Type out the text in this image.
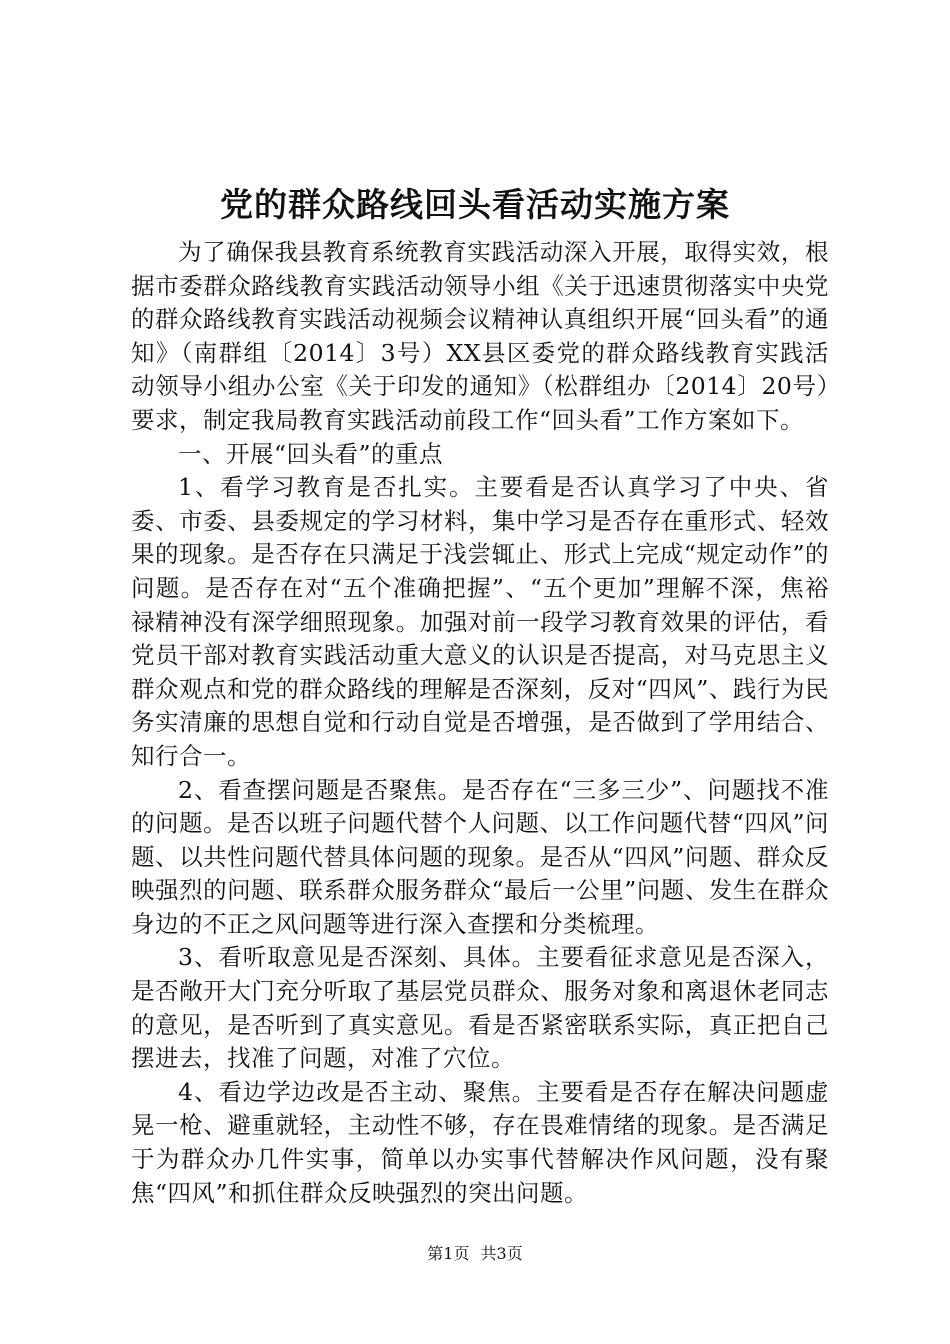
党的群众路线回头看活动实施方案

为了确保我县教育系统教育实践活动深入开展，取得实效，根据市委群众路线教育实践活动领导小组《关于迅速贯彻落实中央党的群众路线教育实践活动视频会议精神认真组织开展“回头看”的通知》（南群组〔2014〕3号）XX县区委党的群众路线教育实践活动领导小组办公室《关于印发的通知》（松群组办〔2014〕20号）要求，制定我局教育实践活动前段工作“回头看”工作方案如下。

一、开展“回头看”的重点

1、看学习教育是否扎实。主要看是否认真学习了中央、省委、市委、县委规定的学习材料，集中学习是否存在重形式、轻效果的现象。是否存在只满足于浅尝辄止、形式上完成“规定动作”的问题。是否存在对“五个准确把握”、“五个更加”理解不深，焦裕禄精神没有深学细照现象。加强对前一段学习教育效果的评估，看党员干部对教育实践活动重大意义的认识是否提高，对马克思主义群众观点和党的群众路线的理解是否深刻，反对“四风”、践行为民务实清廉的思想自觉和行动自觉是否增强，是否做到了学用结合、知行合一。

2、看查摆问题是否聚焦。是否存在“三多三少”、问题找不准的问题。是否以班子问题代替个人问题、以工作问题代替“四风”问题、以共性问题代替具体问题的现象。是否从“四风”问题、群众反映强烈的问题、联系群众服务群众“最后一公里”问题、发生在群众身边的不正之风问题等进行深入查摆和分类梳理。

3、看听取意见是否深刻、具体。主要看征求意见是否深入，是否敞开大门充分听取了基层党员群众、服务对象和离退休老同志的意见，是否听到了真实意见。看是否紧密联系实际，真正把自己摆进去，找准了问题，对准了穴位。

4、看边学边改是否主动、聚焦。主要看是否存在解决问题虚晃一枪、避重就轻，主动性不够，存在畏难情绪的现象。是否满足于为群众办几件实事，简单以办实事代替解决作风问题，没有聚焦“四风”和抓住群众反映强烈的突出问题。

第1页 共3页
